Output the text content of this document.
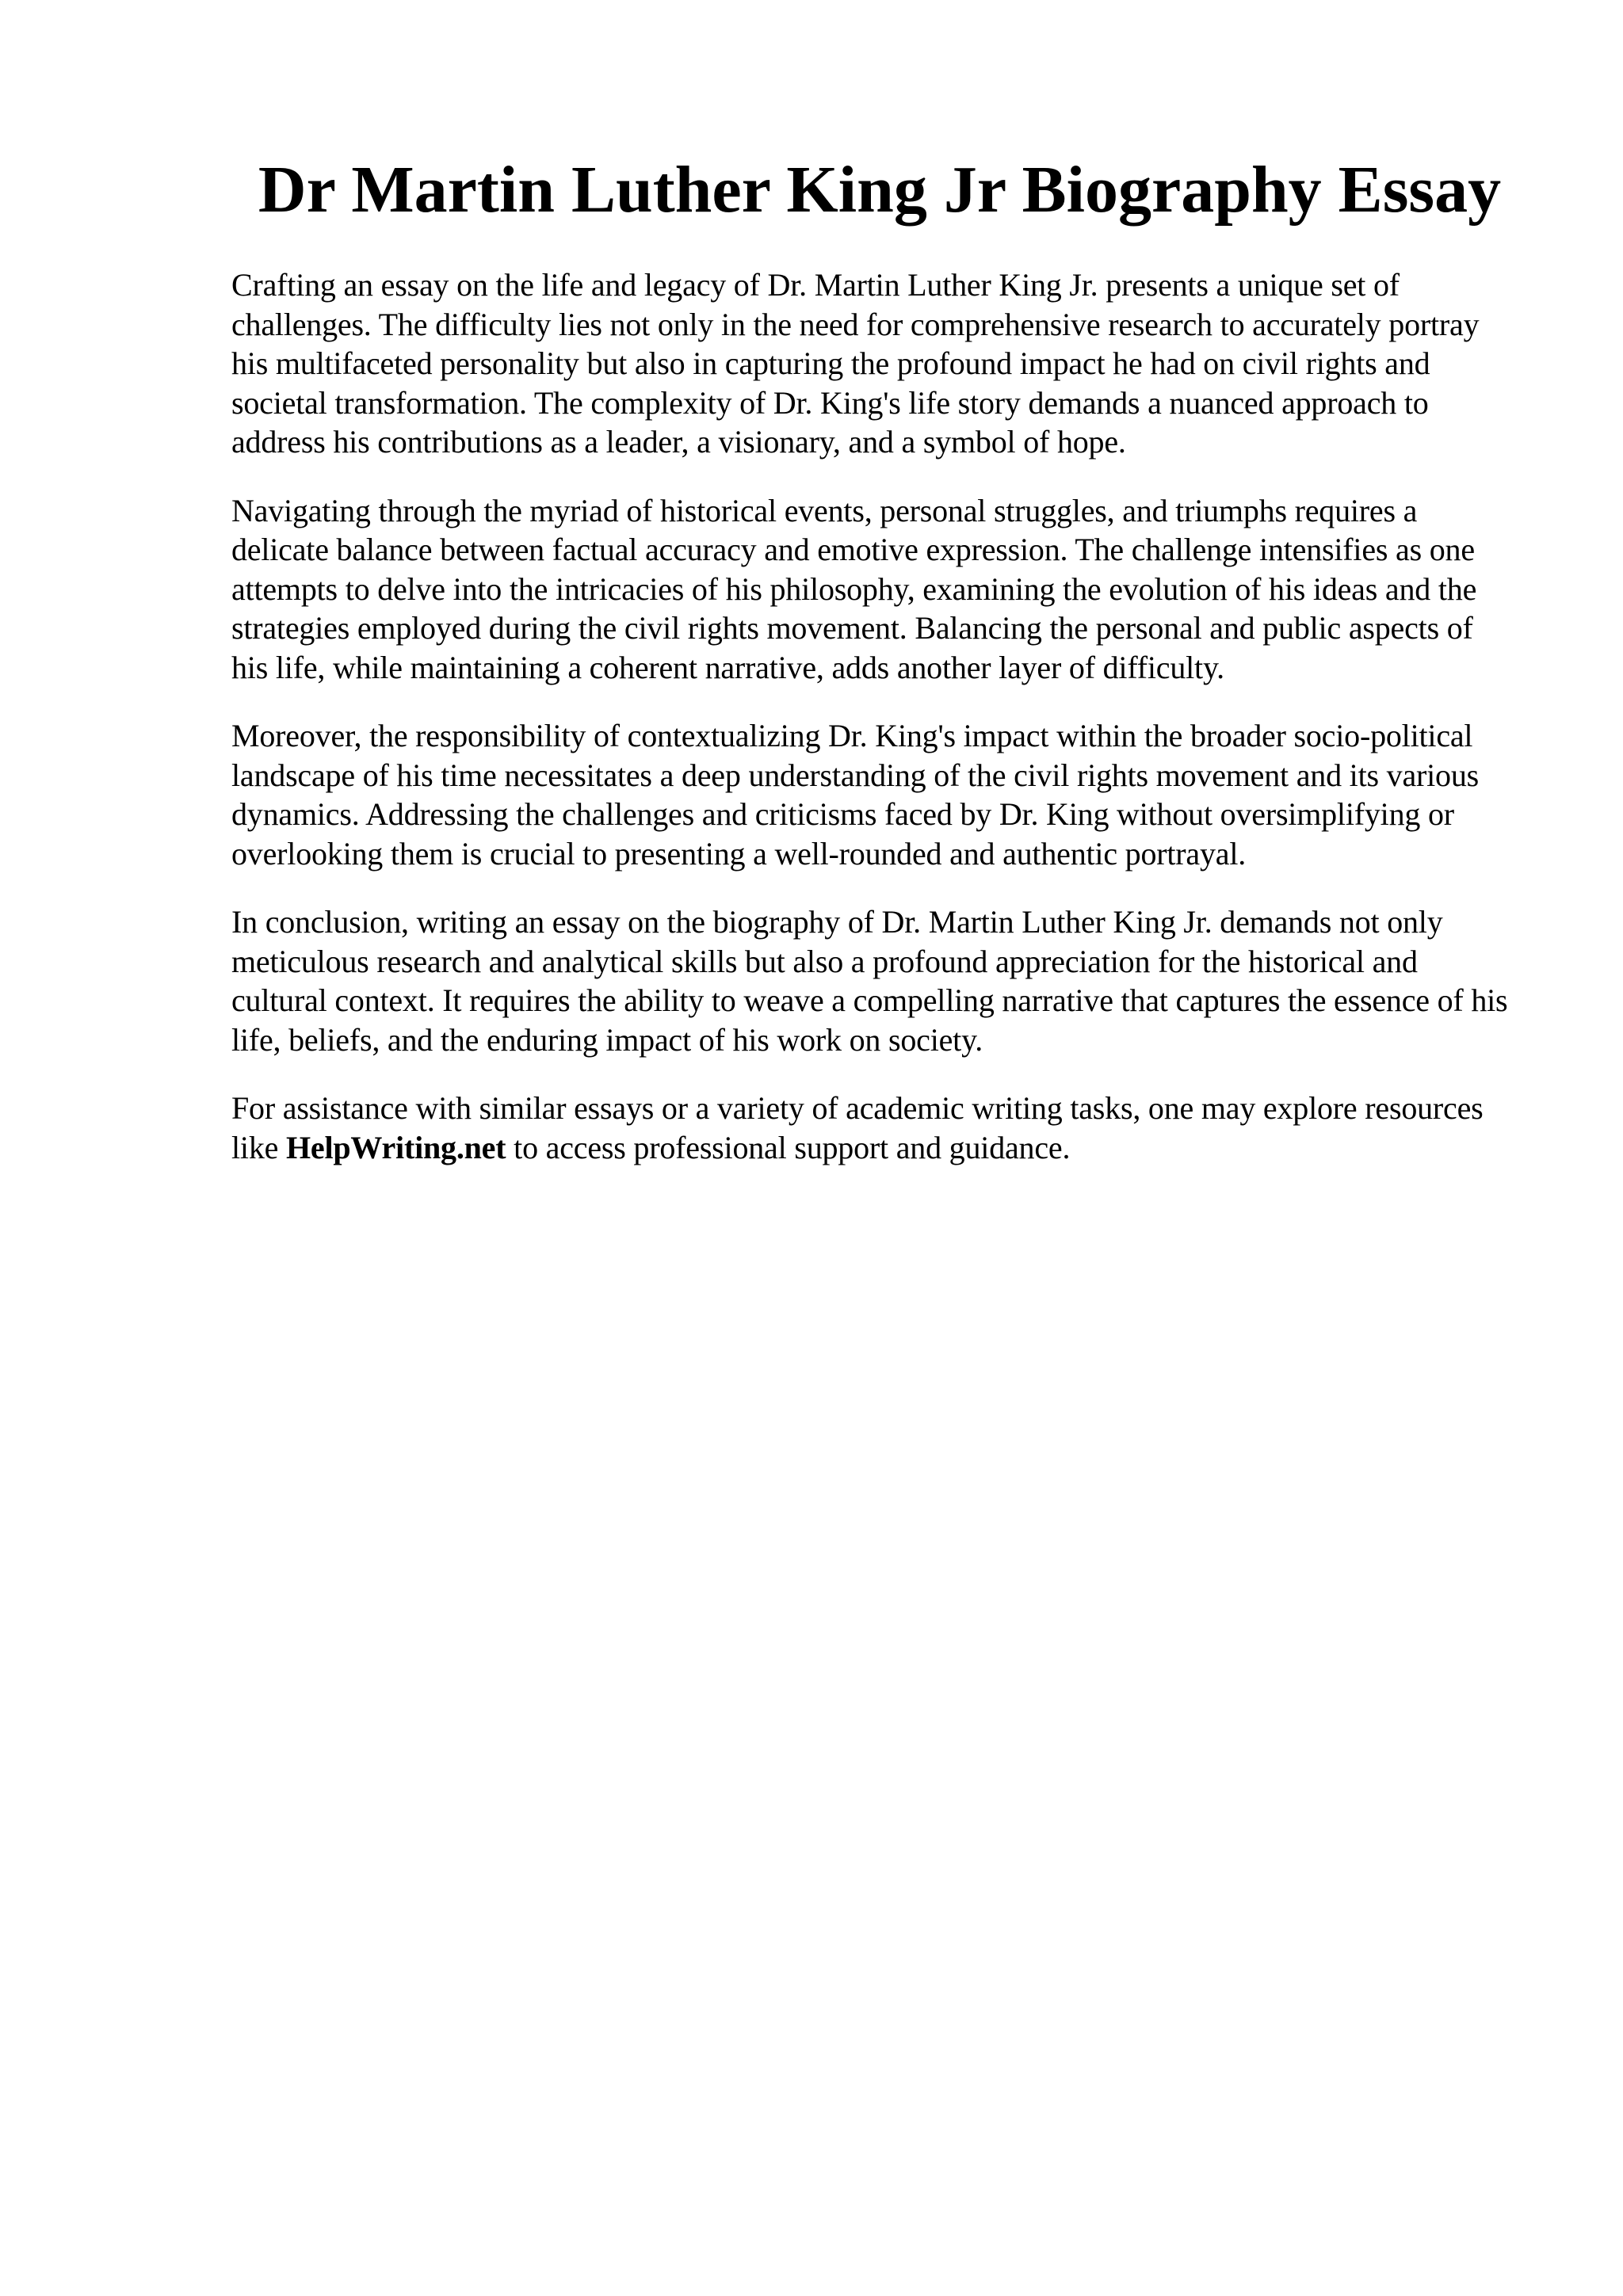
Dr Martin Luther King Jr Biography Essay

Crafting an essay on the life and legacy of Dr. Martin Luther King Jr. presents a unique set of challenges. The difficulty lies not only in the need for comprehensive research to accurately portray his multifaceted personality but also in capturing the profound impact he had on civil rights and societal transformation. The complexity of Dr. King's life story demands a nuanced approach to address his contributions as a leader, a visionary, and a symbol of hope.

Navigating through the myriad of historical events, personal struggles, and triumphs requires a delicate balance between factual accuracy and emotive expression. The challenge intensifies as one attempts to delve into the intricacies of his philosophy, examining the evolution of his ideas and the strategies employed during the civil rights movement. Balancing the personal and public aspects of his life, while maintaining a coherent narrative, adds another layer of difficulty.

Moreover, the responsibility of contextualizing Dr. King's impact within the broader socio-political landscape of his time necessitates a deep understanding of the civil rights movement and its various dynamics. Addressing the challenges and criticisms faced by Dr. King without oversimplifying or overlooking them is crucial to presenting a well-rounded and authentic portrayal.

In conclusion, writing an essay on the biography of Dr. Martin Luther King Jr. demands not only meticulous research and analytical skills but also a profound appreciation for the historical and cultural context. It requires the ability to weave a compelling narrative that captures the essence of his life, beliefs, and the enduring impact of his work on society.

For assistance with similar essays or a variety of academic writing tasks, one may explore resources like HelpWriting.net to access professional support and guidance.
